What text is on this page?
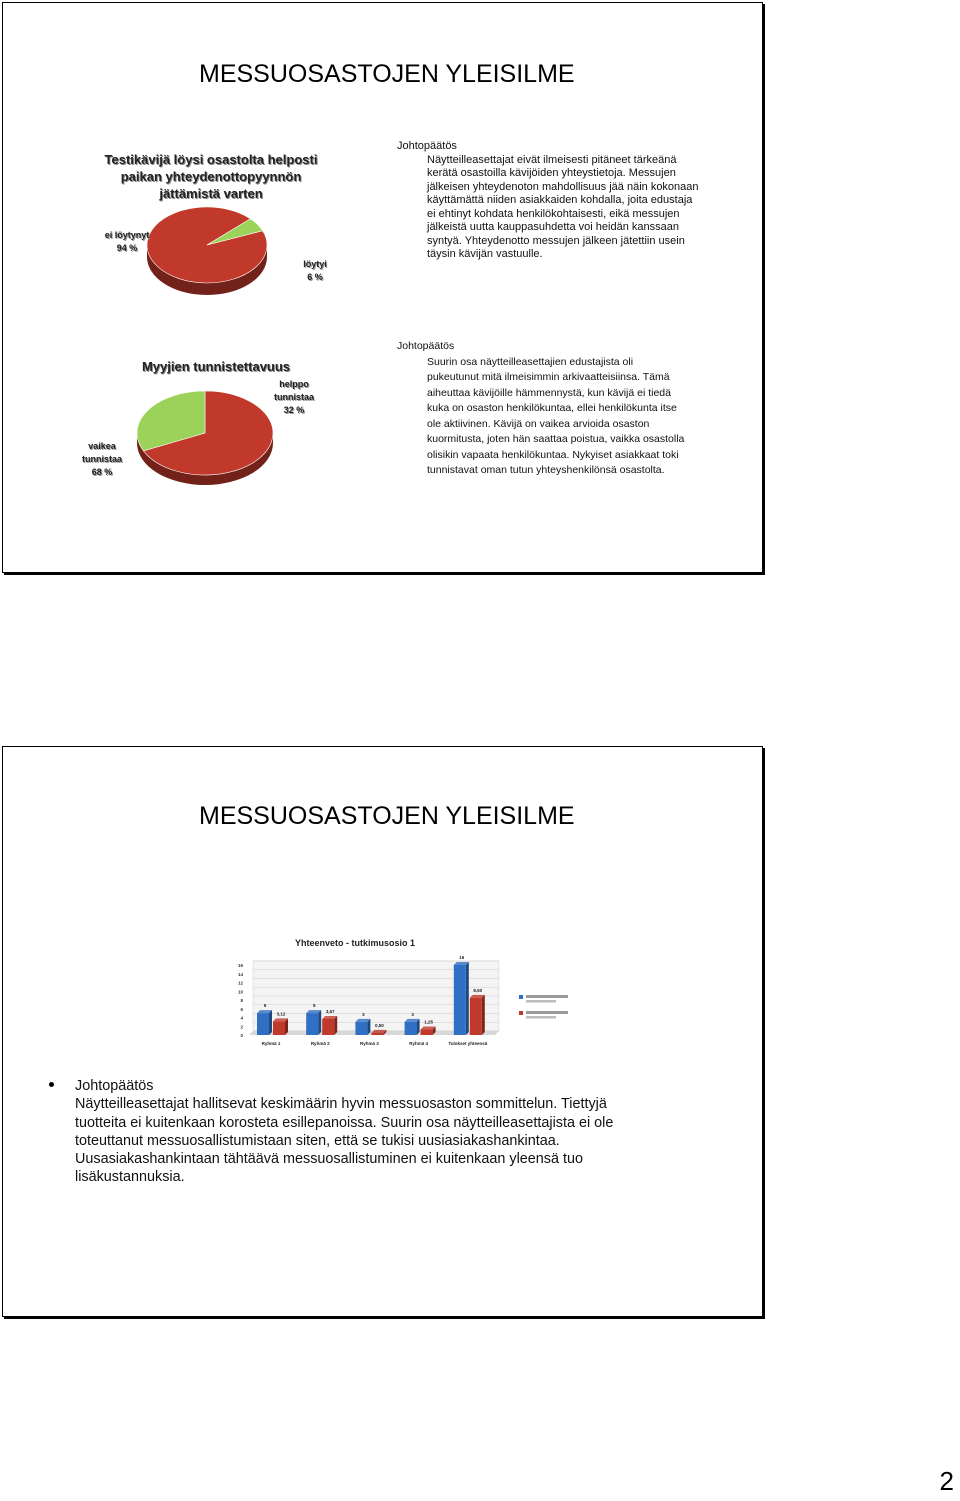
MESSUOSASTOJEN YLEISILME
Testikävijä löysi osastolta helposti
paikan yhteydenottopyynnön
jättämistä varten
ei löytynyt
94 %
löytyi
6 %
Johtopäätös
Näytteilleasettajat eivät ilmeisesti pitäneet tärkeänä
kerätä osastoilla kävijöiden yhteystietoja. Messujen
jälkeisen yhteydenoton mahdollisuus jää näin kokonaan
käyttämättä niiden asiakkaiden kohdalla, joita edustaja
ei ehtinyt kohdata henkilökohtaisesti, eikä messujen
jälkeistä uutta kauppasuhdetta voi heidän kanssaan
syntyä. Yhteydenotto messujen jälkeen jätettiin usein
täysin kävijän vastuulle.
Myyjien tunnistettavuus
vaikea
tunnistaa
68 %
helppo
tunnistaa
32 %
Johtopäätös
Suurin osa näytteilleasettajien edustajista oli
pukeutunut mitä ilmeisimmin arkivaatteisiinsa. Tämä
aiheuttaa kävijöille hämmennystä, kun kävijä ei tiedä
kuka on osaston henkilökuntaa, ellei henkilökunta itse
ole aktiivinen. Kävijä on vaikea arvioida osaston
kuormitusta, joten hän saattaa poistua, vaikka osastolla
olisikin vapaata henkilökuntaa. Nykyiset asiakkaat toki
tunnistavat oman tutun yhteyshenkilönsä osastolta.
MESSUOSASTOJEN YLEISILME
Yhteenveto - tutkimusosio 1
16
14
12
10
8
6
4
2
0
5
3,12
Ryhmä 1
5
3,67
Ryhmä 2
3
0,50
Ryhmä 3
3
1,25
Ryhmä 4
16
8,50
Tulokset yhteensä
Johtopäätös
Näytteilleasettajat hallitsevat keskimäärin hyvin messuosaston sommittelun. Tiettyjä
tuotteita ei kuitenkaan korosteta esillepanoissa. Suurin osa näytteilleasettajista ei ole
toteuttanut messuosallistumistaan siten, että se tukisi uusiasiakashankintaa.
Uusasiakashankintaan tähtäävä messuosallistuminen ei kuitenkaan yleensä tuo
lisäkustannuksia.
2
